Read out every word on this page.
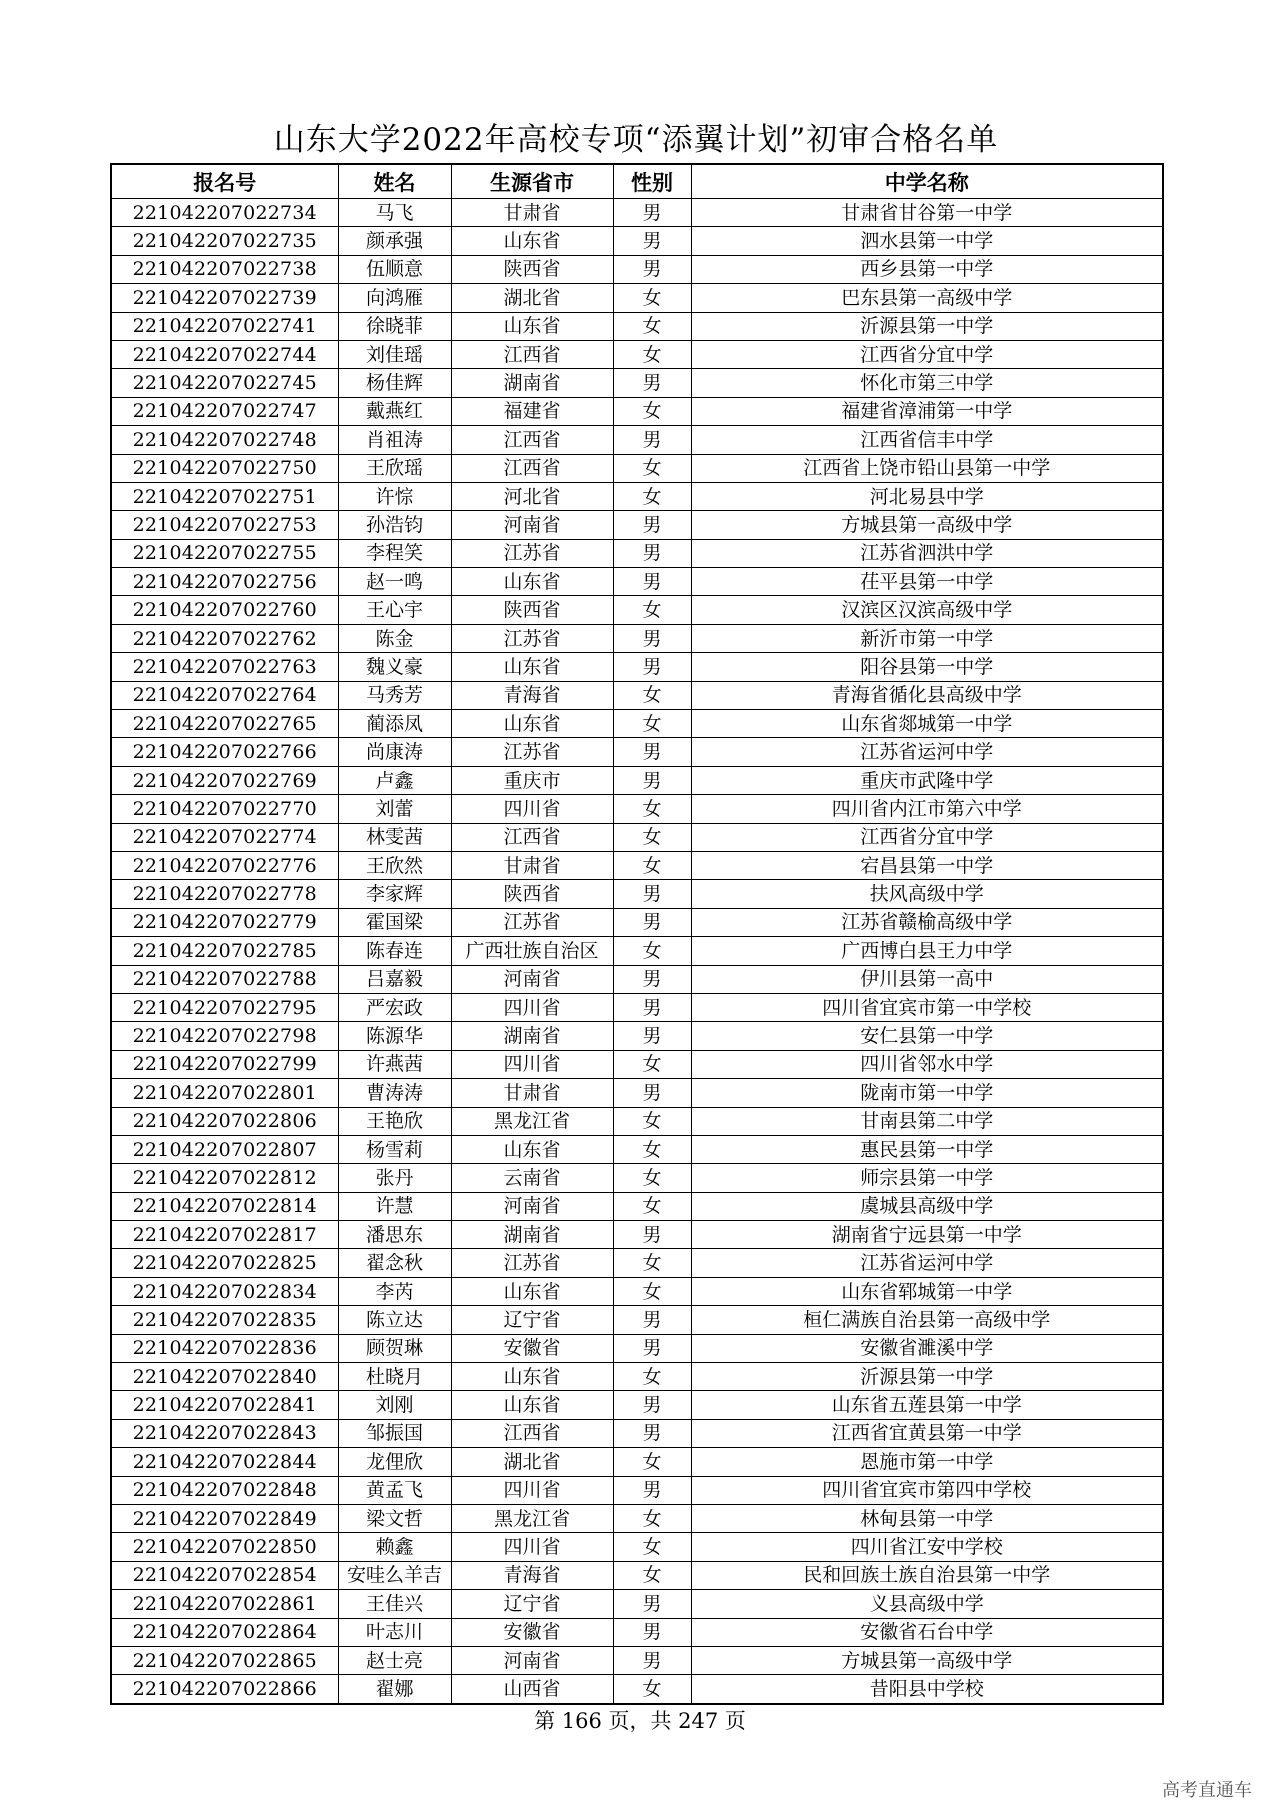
山东大学2022年高校专项“添翼计划”初审合格名单
报名号	姓名	生源省市	性别	中学名称
221042207022734	马飞	甘肃省	男	甘肃省甘谷第一中学
221042207022735	颜承强	山东省	男	泗水县第一中学
221042207022738	伍顺意	陕西省	男	西乡县第一中学
221042207022739	向鸿雁	湖北省	女	巴东县第一高级中学
221042207022741	徐晓菲	山东省	女	沂源县第一中学
221042207022744	刘佳瑶	江西省	女	江西省分宜中学
221042207022745	杨佳辉	湖南省	男	怀化市第三中学
221042207022747	戴燕红	福建省	女	福建省漳浦第一中学
221042207022748	肖祖涛	江西省	男	江西省信丰中学
221042207022750	王欣瑶	江西省	女	江西省上饶市铅山县第一中学
221042207022751	许悰	河北省	女	河北易县中学
221042207022753	孙浩钧	河南省	男	方城县第一高级中学
221042207022755	李程笑	江苏省	男	江苏省泗洪中学
221042207022756	赵一鸣	山东省	男	茌平县第一中学
221042207022760	王心宇	陕西省	女	汉滨区汉滨高级中学
221042207022762	陈金	江苏省	男	新沂市第一中学
221042207022763	魏义豪	山东省	男	阳谷县第一中学
221042207022764	马秀芳	青海省	女	青海省循化县高级中学
221042207022765	蔺添凤	山东省	女	山东省郯城第一中学
221042207022766	尚康涛	江苏省	男	江苏省运河中学
221042207022769	卢鑫	重庆市	男	重庆市武隆中学
221042207022770	刘蕾	四川省	女	四川省内江市第六中学
221042207022774	林雯茜	江西省	女	江西省分宜中学
221042207022776	王欣然	甘肃省	女	宕昌县第一中学
221042207022778	李家辉	陕西省	男	扶风高级中学
221042207022779	霍国梁	江苏省	男	江苏省赣榆高级中学
221042207022785	陈春连	广西壮族自治区	女	广西博白县王力中学
221042207022788	吕嘉毅	河南省	男	伊川县第一高中
221042207022795	严宏政	四川省	男	四川省宜宾市第一中学校
221042207022798	陈源华	湖南省	男	安仁县第一中学
221042207022799	许燕茜	四川省	女	四川省邻水中学
221042207022801	曹涛涛	甘肃省	男	陇南市第一中学
221042207022806	王艳欣	黑龙江省	女	甘南县第二中学
221042207022807	杨雪莉	山东省	女	惠民县第一中学
221042207022812	张丹	云南省	女	师宗县第一中学
221042207022814	许慧	河南省	女	虞城县高级中学
221042207022817	潘思东	湖南省	男	湖南省宁远县第一中学
221042207022825	翟念秋	江苏省	女	江苏省运河中学
221042207022834	李芮	山东省	女	山东省郓城第一中学
221042207022835	陈立达	辽宁省	男	桓仁满族自治县第一高级中学
221042207022836	顾贺琳	安徽省	男	安徽省濉溪中学
221042207022840	杜晓月	山东省	女	沂源县第一中学
221042207022841	刘刚	山东省	男	山东省五莲县第一中学
221042207022843	邹振国	江西省	男	江西省宜黄县第一中学
221042207022844	龙俚欣	湖北省	女	恩施市第一中学
221042207022848	黄孟飞	四川省	男	四川省宜宾市第四中学校
221042207022849	梁文哲	黑龙江省	女	林甸县第一中学
221042207022850	赖鑫	四川省	女	四川省江安中学校
221042207022854	安哇么羊吉	青海省	女	民和回族土族自治县第一中学
221042207022861	王佳兴	辽宁省	男	义县高级中学
221042207022864	叶志川	安徽省	男	安徽省石台中学
221042207022865	赵士亮	河南省	男	方城县第一高级中学
221042207022866	翟娜	山西省	女	昔阳县中学校
第 166 页，共 247 页
高考直通车
